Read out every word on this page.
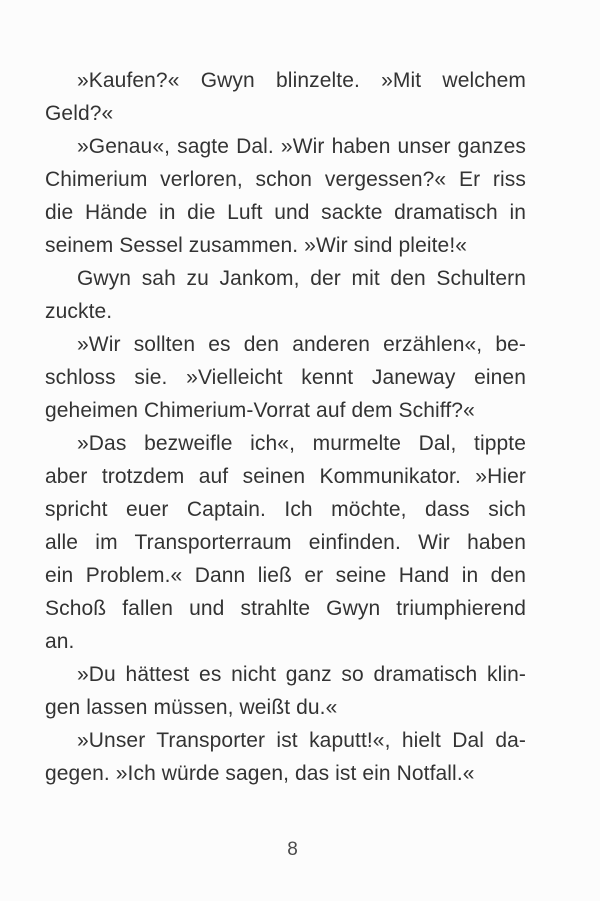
»Kaufen?« Gwyn blinzelte. »Mit welchem
Geld?«
»Genau«, sagte Dal. »Wir haben unser ganzes
Chimerium verloren, schon vergessen?« Er riss
die Hände in die Luft und sackte dramatisch in
seinem Sessel zusammen. »Wir sind pleite!«
Gwyn sah zu Jankom, der mit den Schultern
zuckte.
»Wir sollten es den anderen erzählen«, be-
schloss sie. »Vielleicht kennt Janeway einen
geheimen Chimerium-Vorrat auf dem Schiff?«
»Das bezweifle ich«, murmelte Dal, tippte
aber trotzdem auf seinen Kommunikator. »Hier
spricht euer Captain. Ich möchte, dass sich
alle im Transporterraum einfinden. Wir haben
ein Problem.« Dann ließ er seine Hand in den
Schoß fallen und strahlte Gwyn triumphierend
an.
»Du hättest es nicht ganz so dramatisch klin-
gen lassen müssen, weißt du.«
»Unser Transporter ist kaputt!«, hielt Dal da-
gegen. »Ich würde sagen, das ist ein Notfall.«
8
